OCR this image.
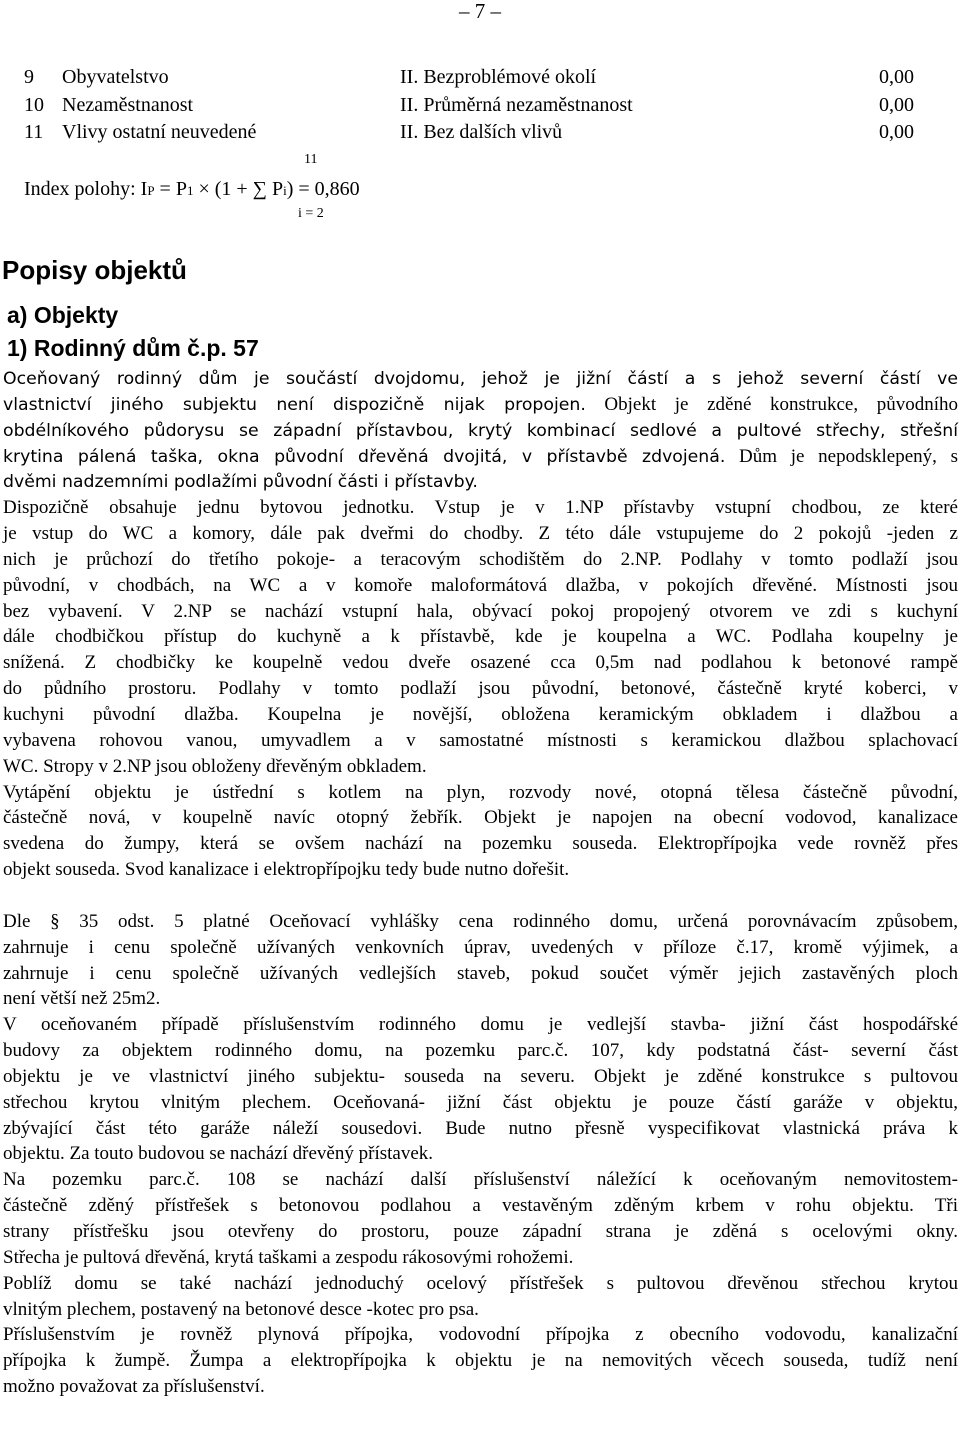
– 7 –
9	Obyvatelstvo	II. Bezproblémové okolí	0,00
10 Nezaměstnanost	II. Průměrná nezaměstnanost	0,00
11 Vlivy ostatní neuvedené	II. Bez dalších vlivů	0,00
11
Index polohy: IP = P1 × (1 + ∑ Pi) = 0,860
i = 2
Popisy objektů
a) Objekty
1) Rodinný dům č.p. 57
Oceňovaný rodinný dům je součástí dvojdomu, jehož je jižní částí a s jehož severní částí ve
vlastnictví jiného subjektu není dispozičně nijak propojen. Objekt je zděné konstrukce, původního
obdélníkového půdorysu se západní přístavbou, krytý kombinací sedlové a pultové střechy, střešní
krytina pálená taška, okna původní dřevěná dvojitá, v přístavbě zdvojená. Dům je nepodsklepený, s
dvěmi nadzemními podlažími původní části i přístavby.
Dispozičně obsahuje jednu bytovou jednotku. Vstup je v 1.NP přístavby vstupní chodbou, ze které
je vstup do WC a komory, dále pak dveřmi do chodby. Z této dále vstupujeme do 2 pokojů -jeden z
nich je průchozí do třetího pokoje- a teracovým schodištěm do 2.NP. Podlahy v tomto podlaží jsou
původní, v chodbách, na WC a v komoře maloformátová dlažba, v pokojích dřevěné. Místnosti jsou
bez vybavení. V 2.NP se nachází vstupní hala, obývací pokoj propojený otvorem ve zdi s kuchyní
dále chodbičkou přístup do kuchyně a k přístavbě, kde je koupelna a WC. Podlaha koupelny je
snížená. Z chodbičky ke koupelně vedou dveře osazené cca 0,5m nad podlahou k betonové rampě
do půdního prostoru. Podlahy v tomto podlaží jsou původní, betonové, částečně kryté koberci, v
kuchyni původní dlažba. Koupelna je novější, obložena keramickým obkladem i dlažbou a
vybavena rohovou vanou, umyvadlem a v samostatné místnosti s keramickou dlažbou splachovací
WC. Stropy v 2.NP jsou obloženy dřevěným obkladem.
Vytápění objektu je ústřední s kotlem na plyn, rozvody nové, otopná tělesa částečně původní,
částečně nová, v koupelně navíc otopný žebřík. Objekt je napojen na obecní vodovod, kanalizace
svedena do žumpy, která se ovšem nachází na pozemku souseda. Elektropřípojka vede rovněž přes
objekt souseda. Svod kanalizace i elektropřípojku tedy bude nutno dořešit.
Dle § 35 odst. 5 platné Oceňovací vyhlášky cena rodinného domu, určená porovnávacím způsobem,
zahrnuje i cenu společně užívaných venkovních úprav, uvedených v příloze č.17, kromě výjimek, a
zahrnuje i cenu společně užívaných vedlejších staveb, pokud součet výměr jejich zastavěných ploch
není větší než 25m2.
V oceňovaném případě příslušenstvím rodinného domu je vedlejší stavba- jižní část hospodářské
budovy za objektem rodinného domu, na pozemku parc.č. 107, kdy podstatná část- severní část
objektu je ve vlastnictví jiného subjektu- souseda na severu. Objekt je zděné konstrukce s pultovou
střechou krytou vlnitým plechem. Oceňovaná- jižní část objektu je pouze částí garáže v objektu,
zbývající část této garáže náleží sousedovi. Bude nutno přesně vyspecifikovat vlastnická práva k
objektu. Za touto budovou se nachází dřevěný přístavek.
Na pozemku parc.č. 108 se nachází další příslušenství náležící k oceňovaným nemovitostem-
částečně zděný přístřešek s betonovou podlahou a vestavěným zděným krbem v rohu objektu. Tři
strany přístřešku jsou otevřeny do prostoru, pouze západní strana je zděná s ocelovými okny.
Střecha je pultová dřevěná, krytá taškami a zespodu rákosovými rohožemi.
Poblíž domu se také nachází jednoduchý ocelový přístřešek s pultovou dřevěnou střechou krytou
vlnitým plechem, postavený na betonové desce -kotec pro psa.
Příslušenstvím je rovněž plynová přípojka, vodovodní přípojka z obecního vodovodu, kanalizační
přípojka k žumpě. Žumpa a elektropřípojka k objektu je na nemovitých věcech souseda, tudíž není
možno považovat za příslušenství.
